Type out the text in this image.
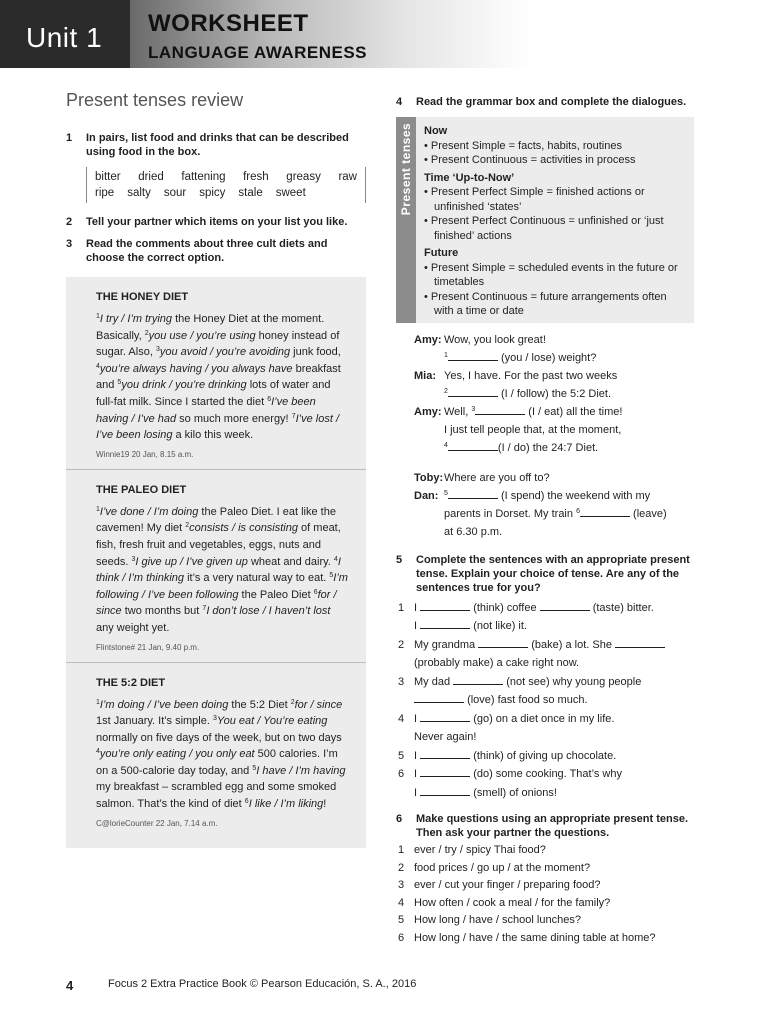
Unit 1 WORKSHEET
LANGUAGE AWARENESS
Present tenses review
1	In pairs, list food and drinks that can be described using food in the box.
bitter dried fattening fresh greasy raw
ripe salty sour spicy stale sweet
2	Tell your partner which items on your list you like.
3	Read the comments about three cult diets and choose the correct option.
THE HONEY DIET

$^1$I try / I’m trying the Honey Diet at the moment. Basically, $^2$you use / you’re using honey instead of sugar. Also, $^3$you avoid / you’re avoiding junk food, $^4$you’re always having / you always have breakfast and $^5$you drink / you’re drinking lots of water and full-fat milk. Since I started the diet $^6$I’ve been having / I’ve had so much more energy! $^7$I’ve lost / I’ve been losing a kilo this week.

Winnie19 20 Jan, 8.15 a.m.
THE PALEO DIET

$^1$I’ve done / I’m doing the Paleo Diet. I eat like the cavemen! My diet $^2$consists / is consisting of meat, fish, fresh fruit and vegetables, eggs, nuts and seeds. $^3$I give up / I’ve given up wheat and dairy. $^4$I think / I’m thinking it’s a very natural way to eat. $^5$I’m following / I’ve been following the Paleo Diet $^6$for / since two months but $^7$I don’t lose / I haven’t lost any weight yet.

Flintstone# 21 Jan, 9.40 p.m.
THE 5:2 DIET

$^1$I’m doing / I’ve been doing the 5:2 Diet $^2$for / since 1st January. It’s simple. $^3$You eat / You’re eating normally on five days of the week, but on two days $^4$you’re only eating / you only eat 500 calories. I’m on a 500-calorie day today, and $^5$I have / I’m having my breakfast – scrambled egg and some smoked salmon. That’s the kind of diet $^6$I like / I’m liking!

C@lorieCounter 22 Jan, 7.14 a.m.
4	Read the grammar box and complete the dialogues.
Present tenses Now
• Present Simple = facts, habits, routines
• Present Continuous = activities in process
Time ‘Up-to-Now’
• Present Perfect Simple = finished actions or unfinished ‘states’
• Present Perfect Continuous = unfinished or ‘just finished’ actions
Future
• Present Simple = scheduled events in the future or timetables
• Present Continuous = future arrangements often with a time or date
Amy: Wow, you look great!
$^1$	(you / lose) weight?
Mia: Yes, I have. For the past two weeks
$^2$	(I / follow) the 5:2 Diet.
Amy: Well, $^3$	(I / eat) all the time!
I just tell people that, at the moment,
$^4$	(I / do) the 24:7 Diet.
Toby: Where are you off to?
Dan: $^5$	(I spend) the weekend with my
parents in Dorset. My train $^6$	(leave)
at 6.30 p.m.
5	Complete the sentences with an appropriate present tense. Explain your choice of tense. Are any of the sentences true for you?
1 I	(think) coffee	(taste) bitter.
I	(not like) it.
2 My grandma	(bake) a lot. She
(probably make) a cake right now.
3 My dad	(not see) why young people
(love) fast food so much.
4 I	(go) on a diet once in my life.
Never again!
5 I	(think) of giving up chocolate.
6 I	(do) some cooking. That’s why
I	(smell) of onions!
6	Make questions using an appropriate present tense. Then ask your partner the questions.
1 ever / try / spicy Thai food?
2 food prices / go up / at the moment?
3 ever / cut your finger / preparing food?
4 How often / cook a meal / for the family?
5 How long / have / school lunches?
6 How long / have / the same dining table at home?
4	Focus 2 Extra Practice Book © Pearson Educación, S. A., 2016
